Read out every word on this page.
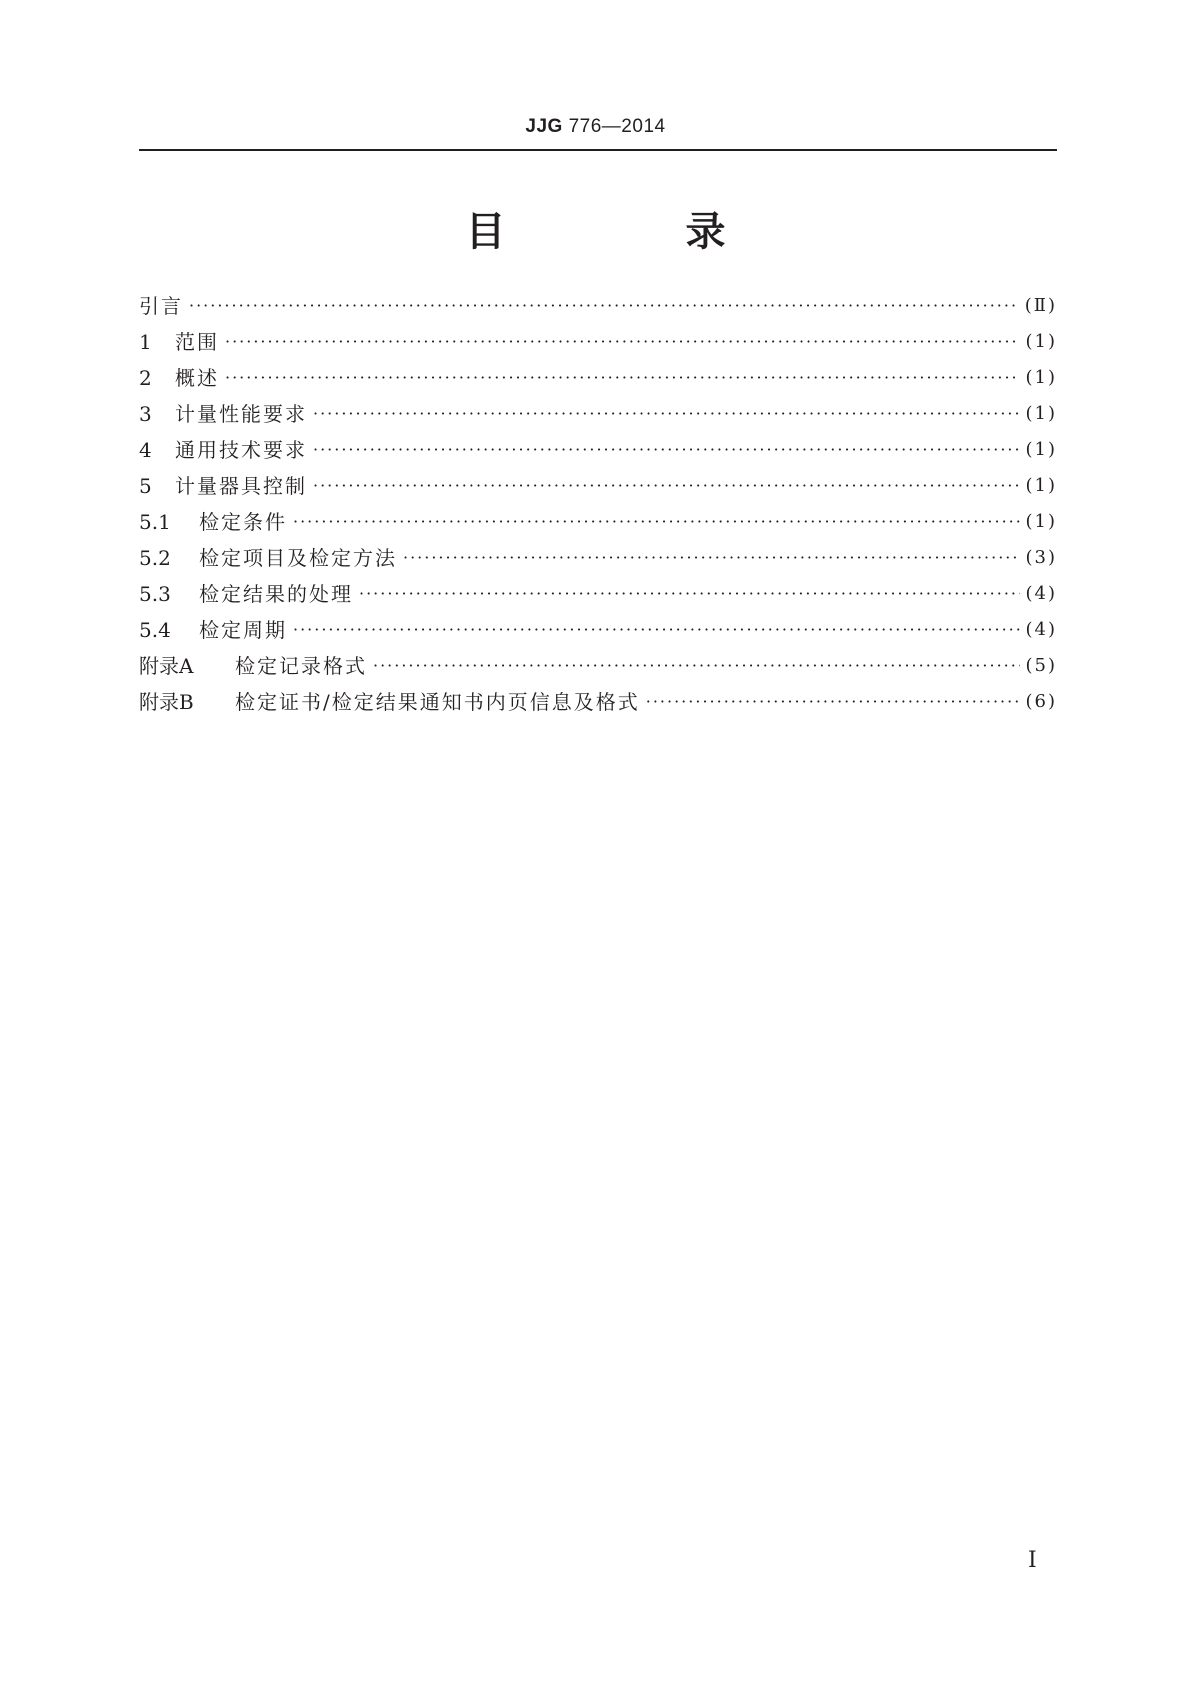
JJG 776—2014
目　录
引言 ·····	(Ⅱ)
1	范围 ·····	(1)
2	概述 ·····	(1)
3	计量性能要求 ·····	(1)
4	通用技术要求 ·····	(1)
5	计量器具控制 ·····	(1)
5.1	检定条件 ·····	(1)
5.2	检定项目及检定方法 ·····	(3)
5.3	检定结果的处理 ·····	(4)
5.4	检定周期 ·····	(4)
附录A	检定记录格式 ·····	(5)
附录B	检定证书/检定结果通知书内页信息及格式 ·····	(6)
Ⅰ
